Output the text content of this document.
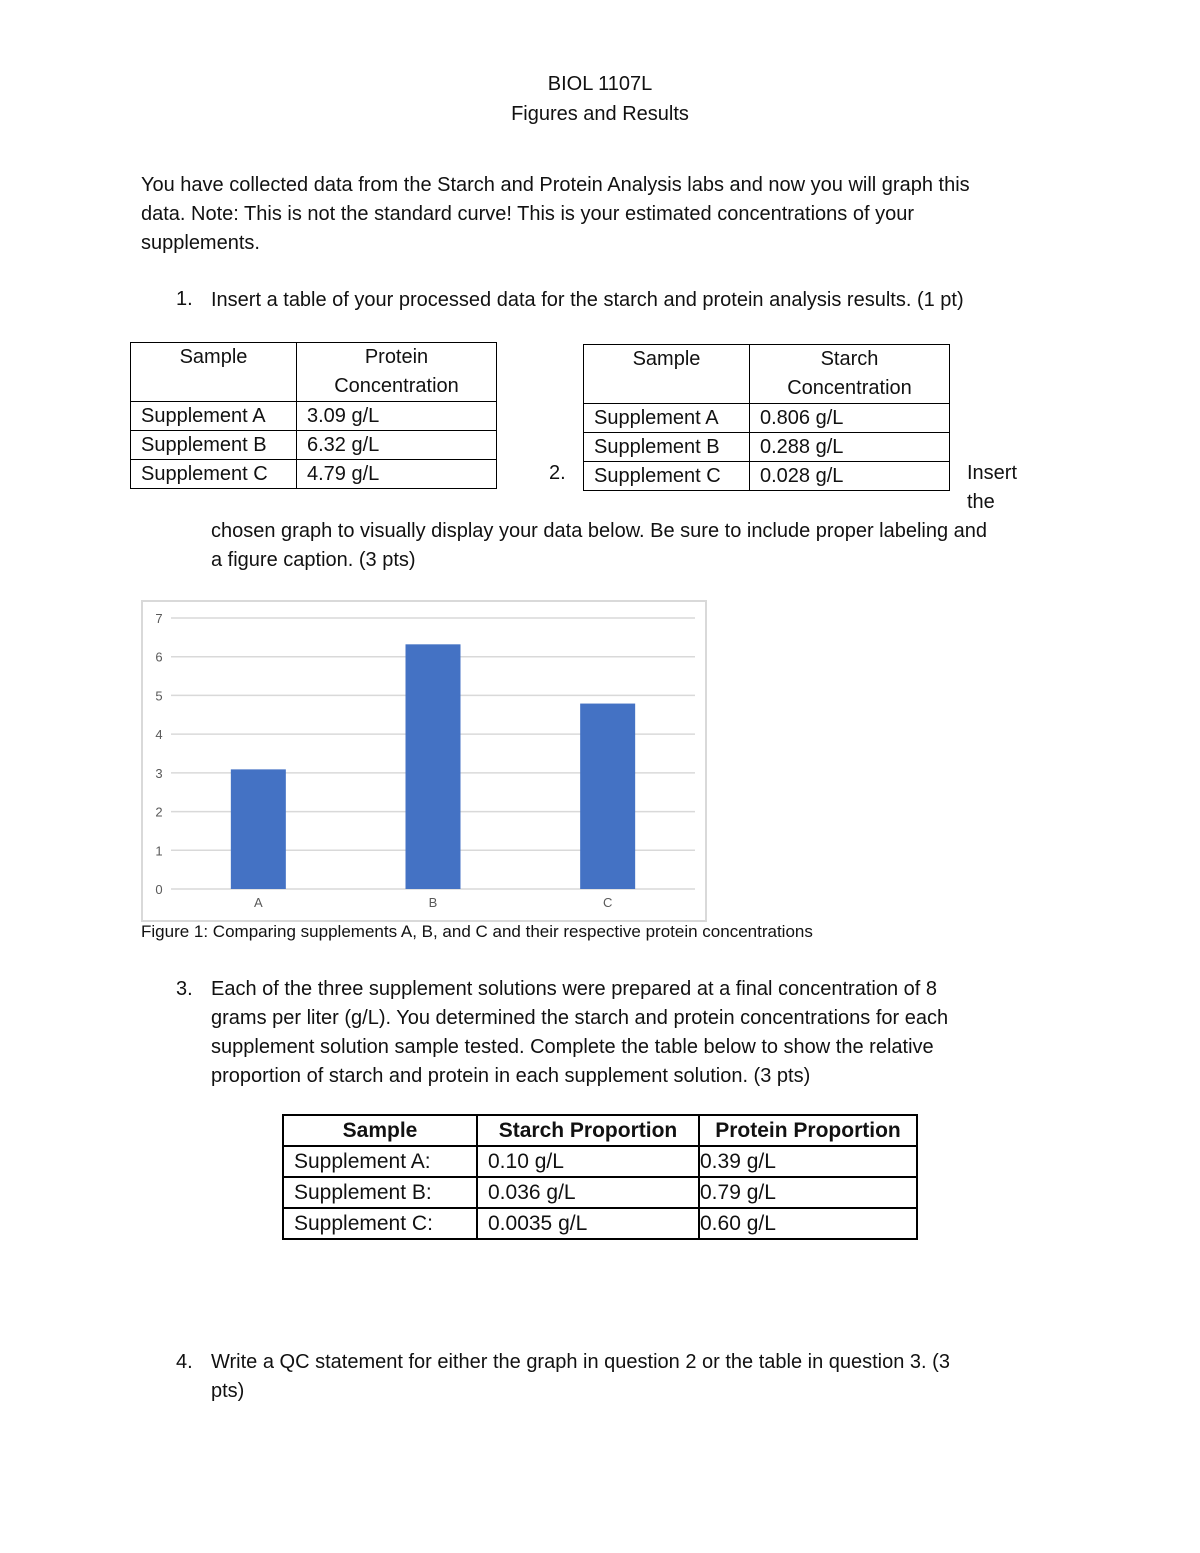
BIOL 1107L
Figures and Results
You have collected data from the Starch and Protein Analysis labs and now you will graph this
data. Note: This is not the standard curve! This is your estimated concentrations of your
supplements.
1. Insert a table of your processed data for the starch and protein analysis results. (1 pt)
Sample	Protein
Concentration

Supplement A	3.09 g/L
Supplement B	6.32 g/L
Supplement C	4.79 g/L
Sample	Starch
Concentration

Supplement A	0.806 g/L
Supplement B	0.288 g/L
Supplement C	0.028 g/L
2.	Insert
the
chosen graph to visually display your data below. Be sure to include proper labeling and
a figure caption. (3 pts)
0
1
2
3
4
5
6
7
A	B	C
Figure 1: Comparing supplements A, B, and C and their respective protein concentrations
3. Each of the three supplement solutions were prepared at a final concentration of 8
grams per liter (g/L). You determined the starch and protein concentrations for each
supplement solution sample tested. Complete the table below to show the relative
proportion of starch and protein in each supplement solution. (3 pts)
Sample	Starch Proportion	Protein Proportion
Supplement A:	0.10 g/L	0.39 g/L
Supplement B:	0.036 g/L	0.79 g/L
Supplement C:	0.0035 g/L	0.60 g/L
4. Write a QC statement for either the graph in question 2 or the table in question 3. (3
pts)
